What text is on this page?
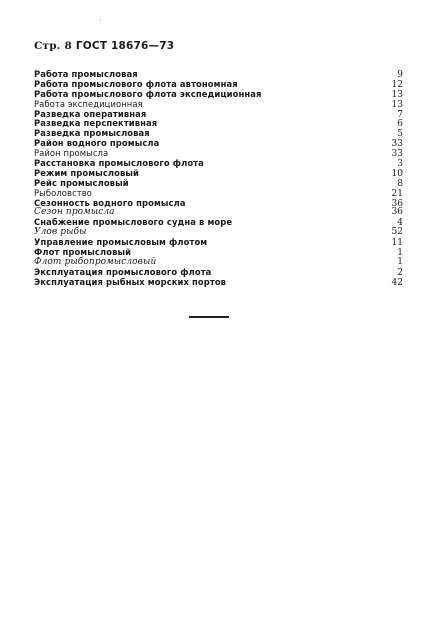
Стр. 8 ГОСТ 18676—73
Работа промысловая	9
Работа промыслового флота автономная	12
Работа промыслового флота экспедиционная	13
Работа экспедиционная	13
Разведка оперативная	7
Разведка перспективная	6
Разведка промысловая	5
Район водного промысла	33
Район промысла	33
Расстановка промыслового флота	3
Режим промысловый	10
Рейс промысловый	8
Рыболовство	21
Сезонность водного промысла	36
Сезон промысла	36
Снабжение промыслового судна в море	4
Улов рыбы	52
Управление промысловым флотом	11
Флот промысловый	1
Флот рыбопромысловый	1
Эксплуатация промыслового флота	2
Эксплуатация рыбных морских портов	42
